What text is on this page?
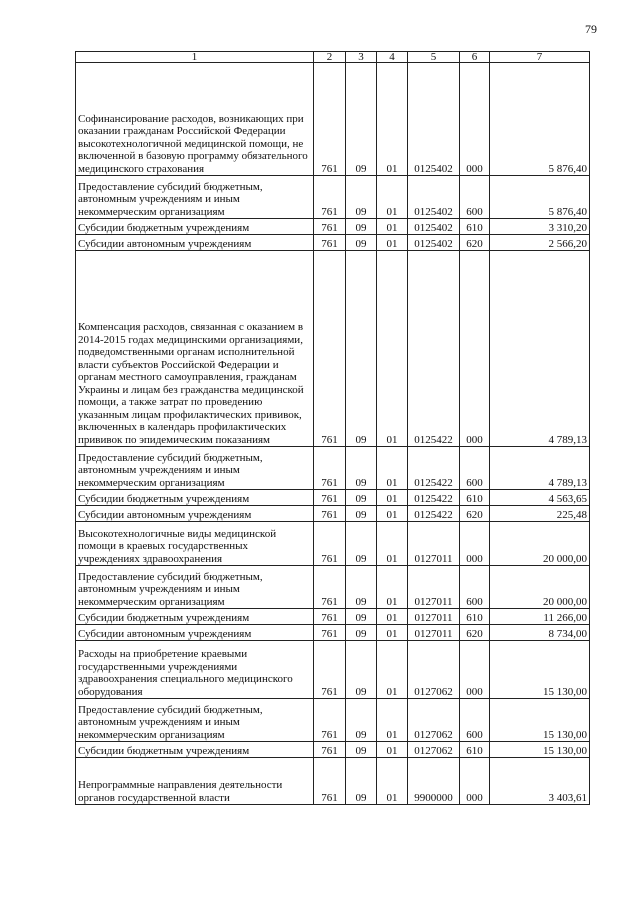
79
1	2	3	4	5	6	7
Софинансирование расходов, возникающих при оказании гражданам Российской Федерации высокотехнологичной медицинской помощи, не включенной в базовую программу обязательного медицинского страхования	761	09	01	0125402	000	5 876,40
Предоставление субсидий бюджетным, автономным учреждениям и иным некоммерческим организациям	761	09	01	0125402	600	5 876,40
Субсидии бюджетным учреждениям	761	09	01	0125402	610	3 310,20
Субсидии автономным учреждениям	761	09	01	0125402	620	2 566,20
Компенсация расходов, связанная с оказанием в 2014-2015 годах медицинскими организациями, подведомственными органам исполнительной власти субъектов Российской Федерации и органам местного самоуправления, гражданам Украины и лицам без гражданства медицинской помощи, а также затрат по проведению указанным лицам профилактических прививок, включенных в календарь профилактических прививок по эпидемическим показаниям	761	09	01	0125422	000	4 789,13
Предоставление субсидий бюджетным, автономным учреждениям и иным некоммерческим организациям	761	09	01	0125422	600	4 789,13
Субсидии бюджетным учреждениям	761	09	01	0125422	610	4 563,65
Субсидии автономным учреждениям	761	09	01	0125422	620	225,48
Высокотехнологичные виды медицинской помощи в краевых государственных учреждениях здравоохранения	761	09	01	0127011	000	20 000,00
Предоставление субсидий бюджетным, автономным учреждениям и иным некоммерческим организациям	761	09	01	0127011	600	20 000,00
Субсидии бюджетным учреждениям	761	09	01	0127011	610	11 266,00
Субсидии автономным учреждениям	761	09	01	0127011	620	8 734,00
Расходы на приобретение краевыми государственными учреждениями здравоохранения специального медицинского оборудования	761	09	01	0127062	000	15 130,00
Предоставление субсидий бюджетным, автономным учреждениям и иным некоммерческим организациям	761	09	01	0127062	600	15 130,00
Субсидии бюджетным учреждениям	761	09	01	0127062	610	15 130,00
Непрограммные направления деятельности органов государственной власти	761	09	01	9900000	000	3 403,61
